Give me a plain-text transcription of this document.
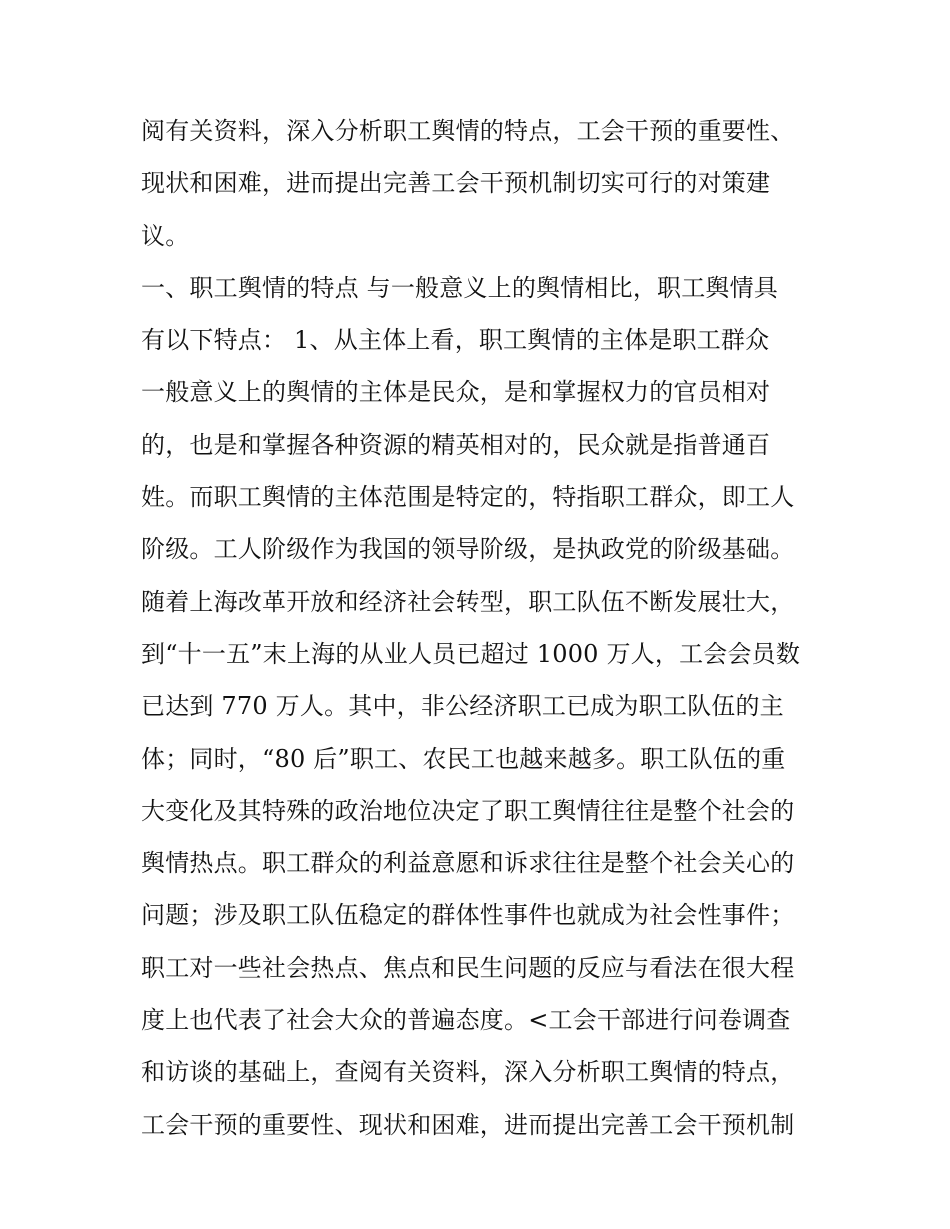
阅有关资料，深入分析职工舆情的特点，工会干预的重要性、
现状和困难，进而提出完善工会干预机制切实可行的对策建
议。
一、职工舆情的特点 与一般意义上的舆情相比，职工舆情具
有以下特点： 1、从主体上看，职工舆情的主体是职工群众
一般意义上的舆情的主体是民众，是和掌握权力的官员相对
的，也是和掌握各种资源的精英相对的，民众就是指普通百
姓。而职工舆情的主体范围是特定的，特指职工群众，即工人
阶级。工人阶级作为我国的领导阶级，是执政党的阶级基础。
随着上海改革开放和经济社会转型，职工队伍不断发展壮大，
到“十一五”末上海的从业人员已超过 1000 万人，工会会员数
已达到 770 万人。其中，非公经济职工已成为职工队伍的主
体；同时，“80 后”职工、农民工也越来越多。职工队伍的重
大变化及其特殊的政治地位决定了职工舆情往往是整个社会的
舆情热点。职工群众的利益意愿和诉求往往是整个社会关心的
问题；涉及职工队伍稳定的群体性事件也就成为社会性事件；
职工对一些社会热点、焦点和民生问题的反应与看法在很大程
度上也代表了社会大众的普遍态度。<工会干部进行问卷调查
和访谈的基础上，查阅有关资料，深入分析职工舆情的特点，
工会干预的重要性、现状和困难，进而提出完善工会干预机制
